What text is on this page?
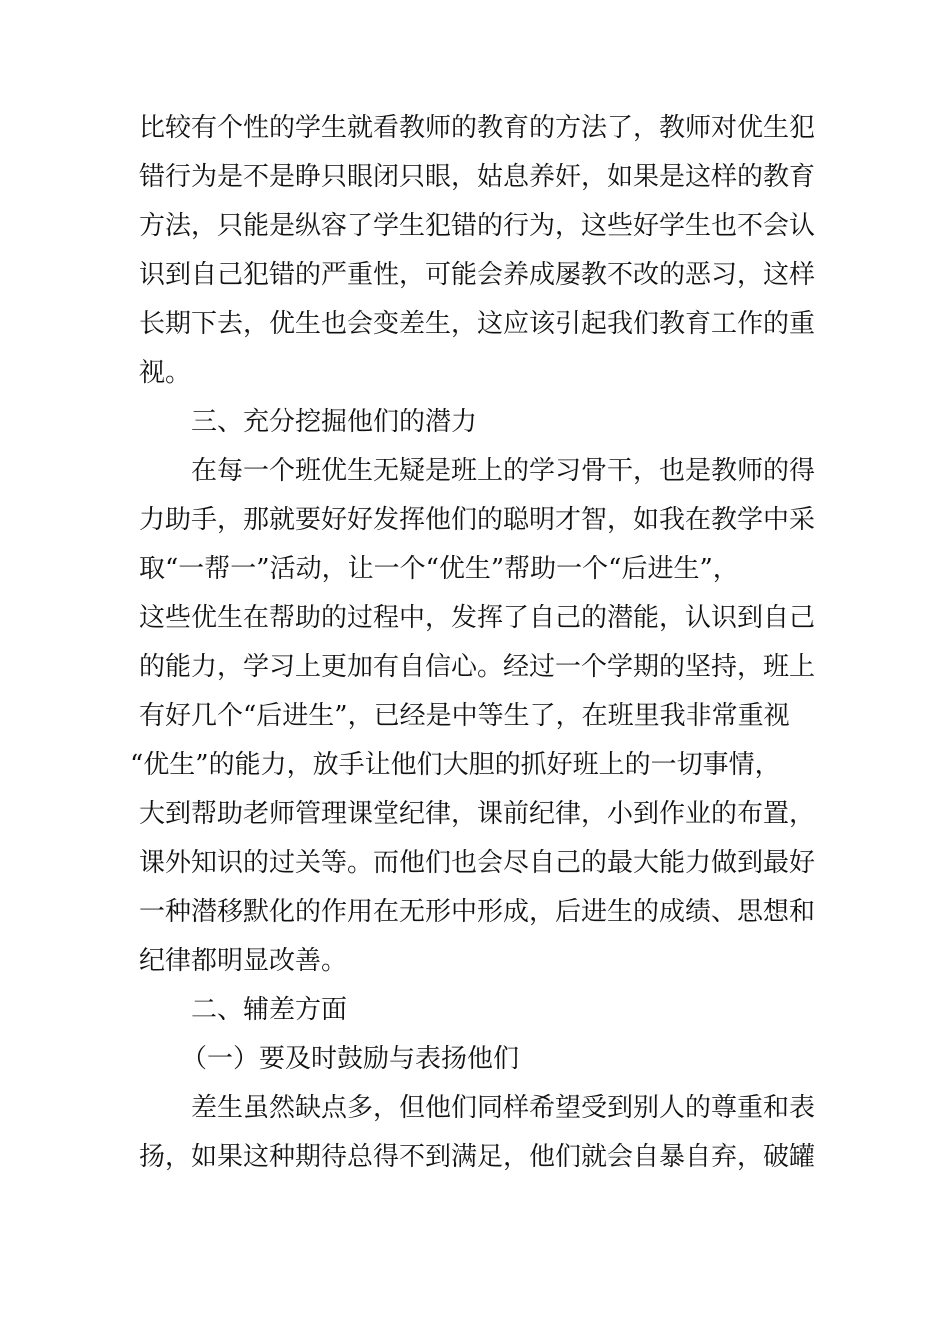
比较有个性的学生就看教师的教育的方法了，教师对优生犯

错行为是不是睁只眼闭只眼，姑息养奸，如果是这样的教育

方法，只能是纵容了学生犯错的行为，这些好学生也不会认

识到自己犯错的严重性，可能会养成屡教不改的恶习，这样

长期下去，优生也会变差生，这应该引起我们教育工作的重

视。

三、充分挖掘他们的潜力

在每一个班优生无疑是班上的学习骨干，也是教师的得

力助手，那就要好好发挥他们的聪明才智，如我在教学中采

取“一帮一”活动，让一个“优生”帮助一个“后进生”，

这些优生在帮助的过程中，发挥了自己的潜能，认识到自己

的能力，学习上更加有自信心。经过一个学期的坚持，班上

有好几个“后进生”，已经是中等生了，在班里我非常重视

“优生”的能力，放手让他们大胆的抓好班上的一切事情，

大到帮助老师管理课堂纪律，课前纪律，小到作业的布置，

课外知识的过关等。而他们也会尽自己的最大能力做到最好

一种潜移默化的作用在无形中形成，后进生的成绩、思想和

纪律都明显改善。

二、辅差方面

（一）要及时鼓励与表扬他们

差生虽然缺点多，但他们同样希望受到别人的尊重和表

扬，如果这种期待总得不到满足，他们就会自暴自弃，破罐
